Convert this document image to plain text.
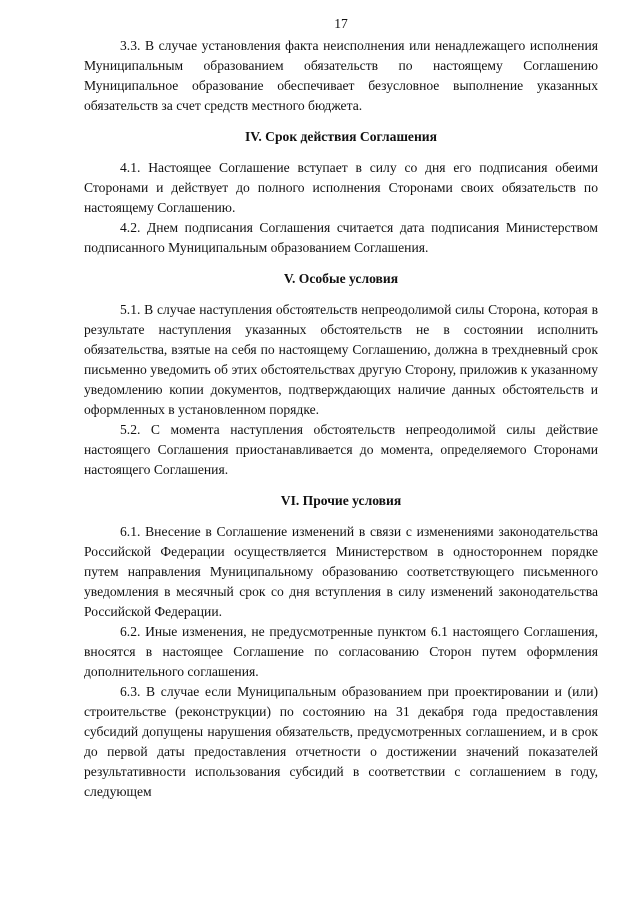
17

3.3. В случае установления факта неисполнения или ненадлежащего исполнения Муниципальным образованием обязательств по настоящему Соглашению Муниципальное образование обеспечивает безусловное выполнение указанных обязательств за счет средств местного бюджета.

IV. Срок действия Соглашения

4.1. Настоящее Соглашение вступает в силу со дня его подписания обеими Сторонами и действует до полного исполнения Сторонами своих обязательств по настоящему Соглашению.

4.2. Днем подписания Соглашения считается дата подписания Министерством подписанного Муниципальным образованием Соглашения.

V. Особые условия

5.1. В случае наступления обстоятельств непреодолимой силы Сторона, которая в результате наступления указанных обстоятельств не в состоянии исполнить обязательства, взятые на себя по настоящему Соглашению, должна в трехдневный срок письменно уведомить об этих обстоятельствах другую Сторону, приложив к указанному уведомлению копии документов, подтверждающих наличие данных обстоятельств и оформленных в установленном порядке.

5.2. С момента наступления обстоятельств непреодолимой силы действие настоящего Соглашения приостанавливается до момента, определяемого Сторонами настоящего Соглашения.

VI. Прочие условия

6.1. Внесение в Соглашение изменений в связи с изменениями законодательства Российской Федерации осуществляется Министерством в одностороннем порядке путем направления Муниципальному образованию соответствующего письменного уведомления в месячный срок со дня вступления в силу изменений законодательства Российской Федерации.

6.2. Иные изменения, не предусмотренные пунктом 6.1 настоящего Соглашения, вносятся в настоящее Соглашение по согласованию Сторон путем оформления дополнительного соглашения.

6.3. В случае если Муниципальным образованием при проектировании и (или) строительстве (реконструкции) по состоянию на 31 декабря года предоставления субсидий допущены нарушения обязательств, предусмотренных соглашением, и в срок до первой даты предоставления отчетности о достижении значений показателей результативности использования субсидий в соответствии с соглашением в году, следующем
